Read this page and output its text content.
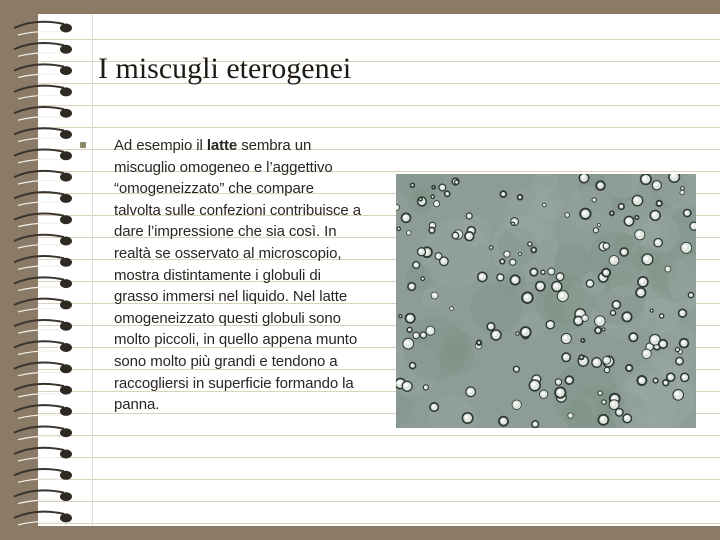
I miscugli eterogenei
Ad esempio il latte sembra un miscuglio omogeneo e l’aggettivo “omogeneizzato” che compare talvolta sulle confezioni contribuisce a dare l’impressione che sia così. In realtà se osservato al microscopio, mostra distintamente i globuli di grasso immersi nel liquido. Nel latte omogeneizzato questi globuli sono molto piccoli, in quello appena munto sono molto più grandi e tendono a raccogliersi in superficie formando la panna.
